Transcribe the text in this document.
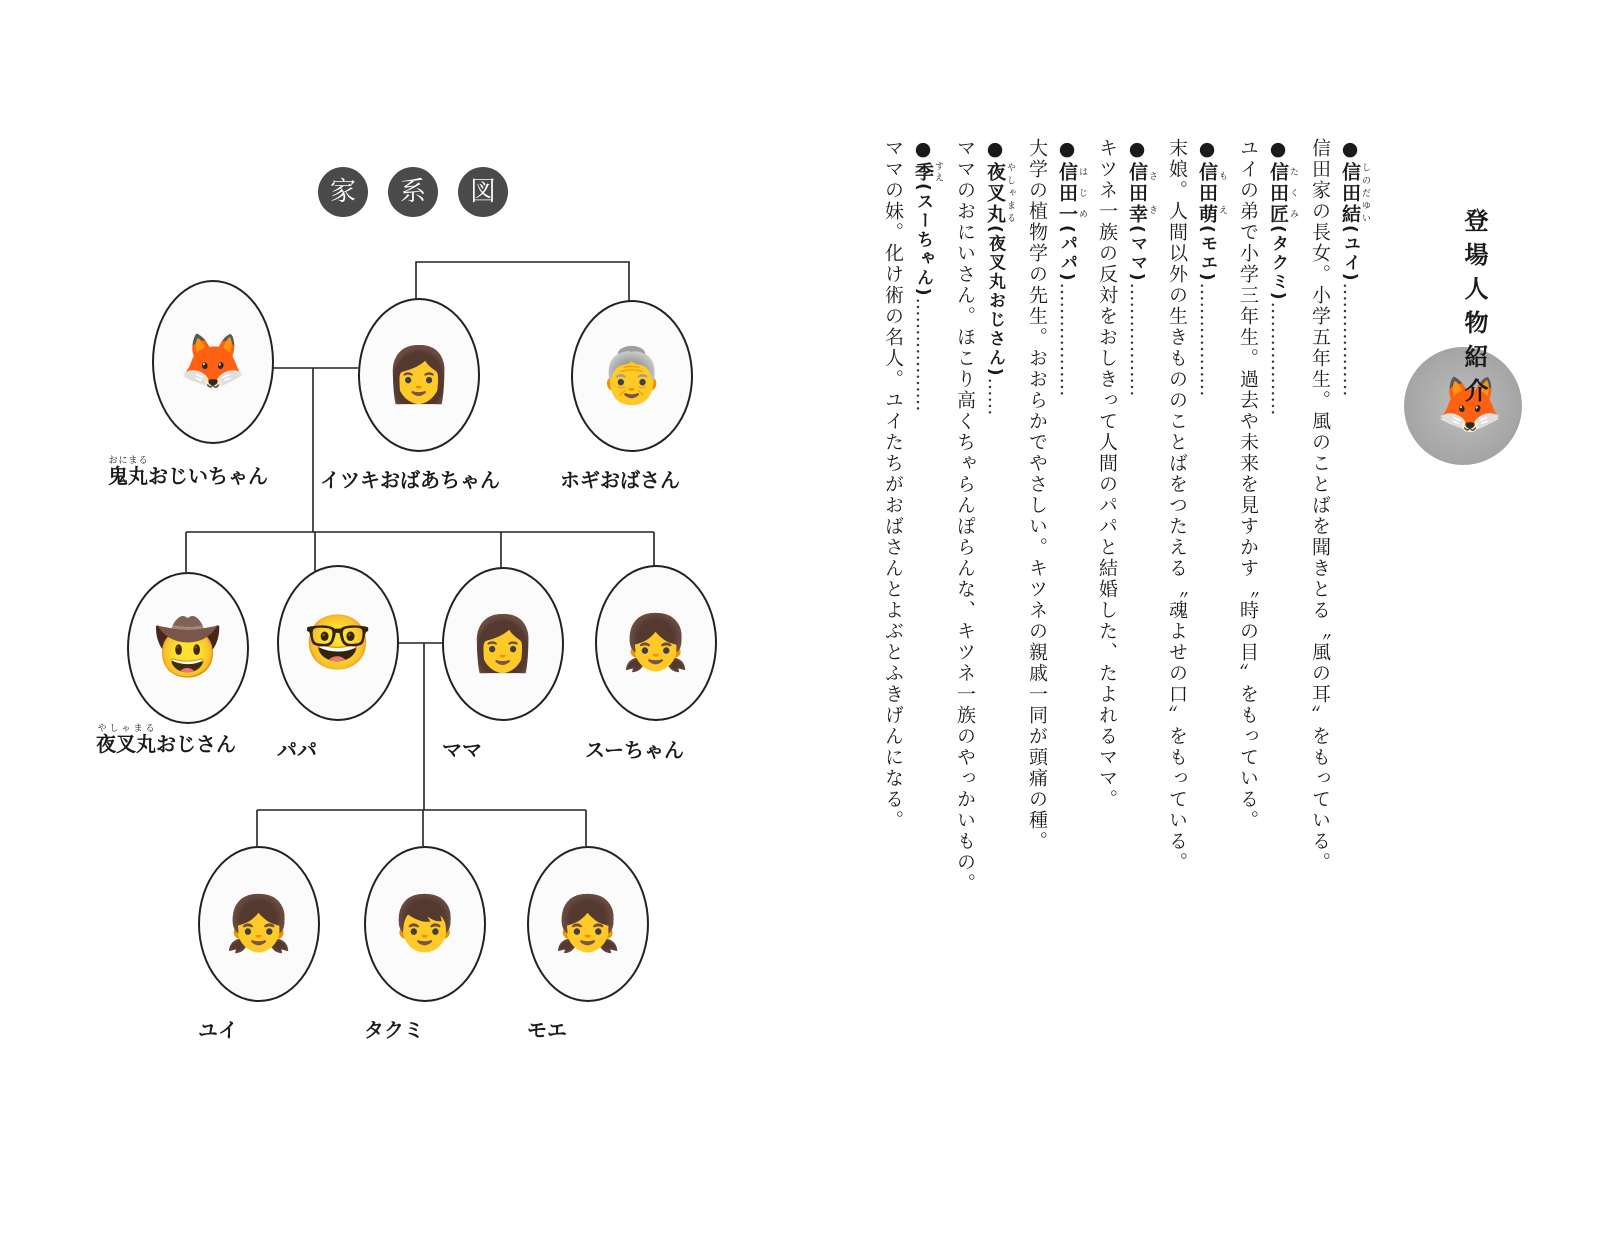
家	系	図
🦊
鬼丸おにまるおじいちゃん
👩
イツキおばあちゃん
👵
ホギおばさん
🤠
夜叉丸やしゃまるおじさん
🤓
パパ
👩
ママ
👧
スーちゃん
👧
ユイ
👦
タクミ
👧
モエ
🦊
登場人物紹介
●信田結 しのだゆい(ユイ)………………
信田家の長女。小学五年生。風のことばを聞きとる〝風の耳〟をもっている。
●信田匠 たくみ(タクミ)………………
ユイの弟で小学三年生。過去や未来を見すかす〝時の目〟をもっている。
●信田萌 もえ(モエ)………………
末娘。人間以外の生きもののことばをつたえる〝魂よせの口〟をもっている。
●信田幸 さき(ママ)………………
キツネ一族の反対をおしきって人間のパパと結婚した、たよれるママ。
●信田一 はじめ(パパ)………………
大学の植物学の先生。おおらかでやさしい。キツネの親戚一同が頭痛の種。
●夜叉丸 やしゃまる(夜叉丸おじさん)……
ママのおにいさん。ほこり高くちゃらんぽらんな、キツネ一族のやっかいもの。
●季 すえ(スーちゃん)………………
ママの妹。化け術の名人。ユイたちがおばさんとよぶとふきげんになる。
